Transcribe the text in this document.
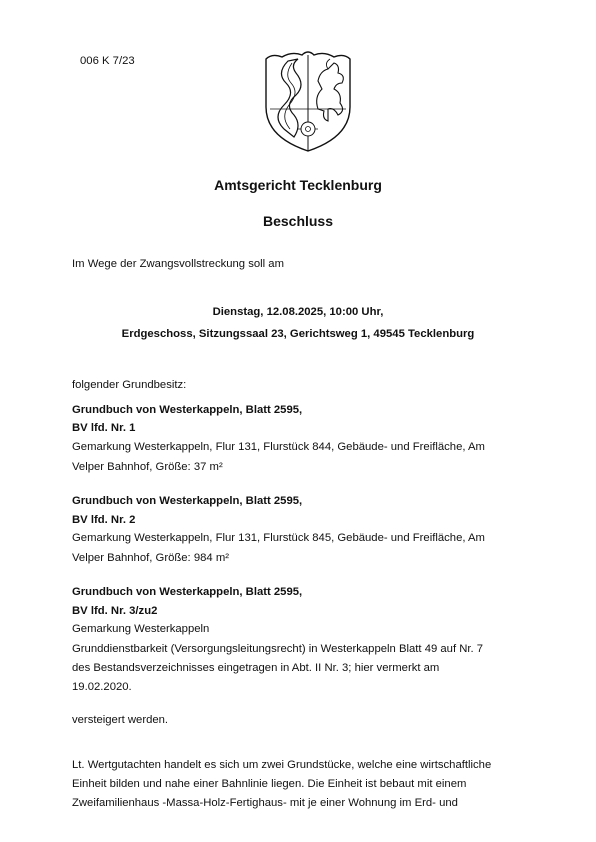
006 K 7/23
Amtsgericht Tecklenburg
Beschluss
Im Wege der Zwangsvollstreckung soll am
Dienstag, 12.08.2025, 10:00 Uhr,
Erdgeschoss, Sitzungssaal 23, Gerichtsweg 1, 49545 Tecklenburg
folgender Grundbesitz:
Grundbuch von Westerkappeln, Blatt 2595,
BV lfd. Nr. 1
Gemarkung Westerkappeln, Flur 131, Flurstück 844, Gebäude- und Freifläche, Am
Velper Bahnhof, Größe: 37 m²
Grundbuch von Westerkappeln, Blatt 2595,
BV lfd. Nr. 2
Gemarkung Westerkappeln, Flur 131, Flurstück 845, Gebäude- und Freifläche, Am
Velper Bahnhof, Größe: 984 m²
Grundbuch von Westerkappeln, Blatt 2595,
BV lfd. Nr. 3/zu2
Gemarkung Westerkappeln
Grunddienstbarkeit (Versorgungsleitungsrecht) in Westerkappeln Blatt 49 auf Nr. 7
des Bestandsverzeichnisses eingetragen in Abt. II Nr. 3; hier vermerkt am
19.02.2020.
versteigert werden.
Lt. Wertgutachten handelt es sich um zwei Grundstücke, welche eine wirtschaftliche
Einheit bilden und nahe einer Bahnlinie liegen. Die Einheit ist bebaut mit einem
Zweifamilienhaus -Massa-Holz-Fertighaus- mit je einer Wohnung im Erd- und
